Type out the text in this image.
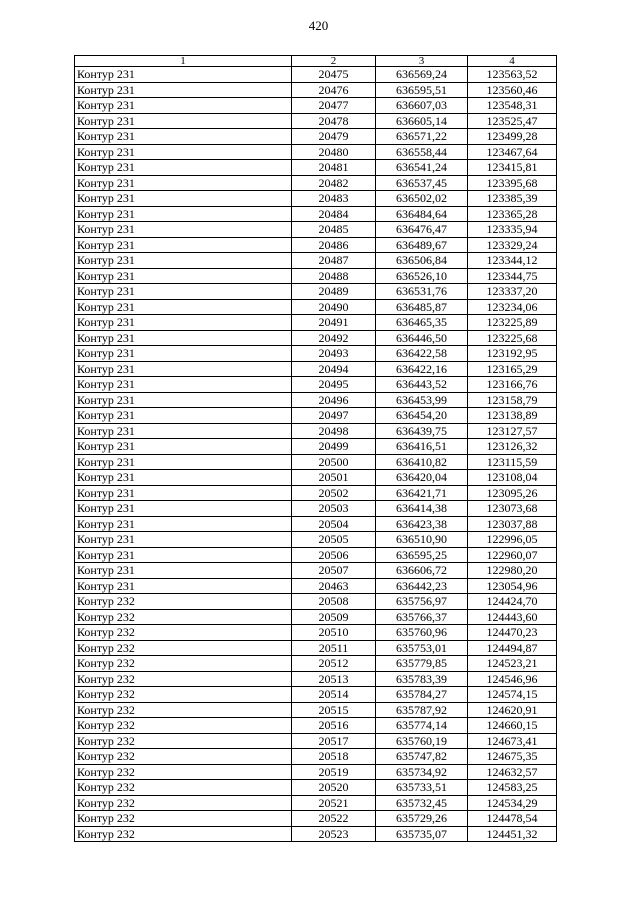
420
1	2	3	4
Контур 231	20475	636569,24	123563,52
Контур 231	20476	636595,51	123560,46
Контур 231	20477	636607,03	123548,31
Контур 231	20478	636605,14	123525,47
Контур 231	20479	636571,22	123499,28
Контур 231	20480	636558,44	123467,64
Контур 231	20481	636541,24	123415,81
Контур 231	20482	636537,45	123395,68
Контур 231	20483	636502,02	123385,39
Контур 231	20484	636484,64	123365,28
Контур 231	20485	636476,47	123335,94
Контур 231	20486	636489,67	123329,24
Контур 231	20487	636506,84	123344,12
Контур 231	20488	636526,10	123344,75
Контур 231	20489	636531,76	123337,20
Контур 231	20490	636485,87	123234,06
Контур 231	20491	636465,35	123225,89
Контур 231	20492	636446,50	123225,68
Контур 231	20493	636422,58	123192,95
Контур 231	20494	636422,16	123165,29
Контур 231	20495	636443,52	123166,76
Контур 231	20496	636453,99	123158,79
Контур 231	20497	636454,20	123138,89
Контур 231	20498	636439,75	123127,57
Контур 231	20499	636416,51	123126,32
Контур 231	20500	636410,82	123115,59
Контур 231	20501	636420,04	123108,04
Контур 231	20502	636421,71	123095,26
Контур 231	20503	636414,38	123073,68
Контур 231	20504	636423,38	123037,88
Контур 231	20505	636510,90	122996,05
Контур 231	20506	636595,25	122960,07
Контур 231	20507	636606,72	122980,20
Контур 231	20463	636442,23	123054,96
Контур 232	20508	635756,97	124424,70
Контур 232	20509	635766,37	124443,60
Контур 232	20510	635760,96	124470,23
Контур 232	20511	635753,01	124494,87
Контур 232	20512	635779,85	124523,21
Контур 232	20513	635783,39	124546,96
Контур 232	20514	635784,27	124574,15
Контур 232	20515	635787,92	124620,91
Контур 232	20516	635774,14	124660,15
Контур 232	20517	635760,19	124673,41
Контур 232	20518	635747,82	124675,35
Контур 232	20519	635734,92	124632,57
Контур 232	20520	635733,51	124583,25
Контур 232	20521	635732,45	124534,29
Контур 232	20522	635729,26	124478,54
Контур 232	20523	635735,07	124451,32
